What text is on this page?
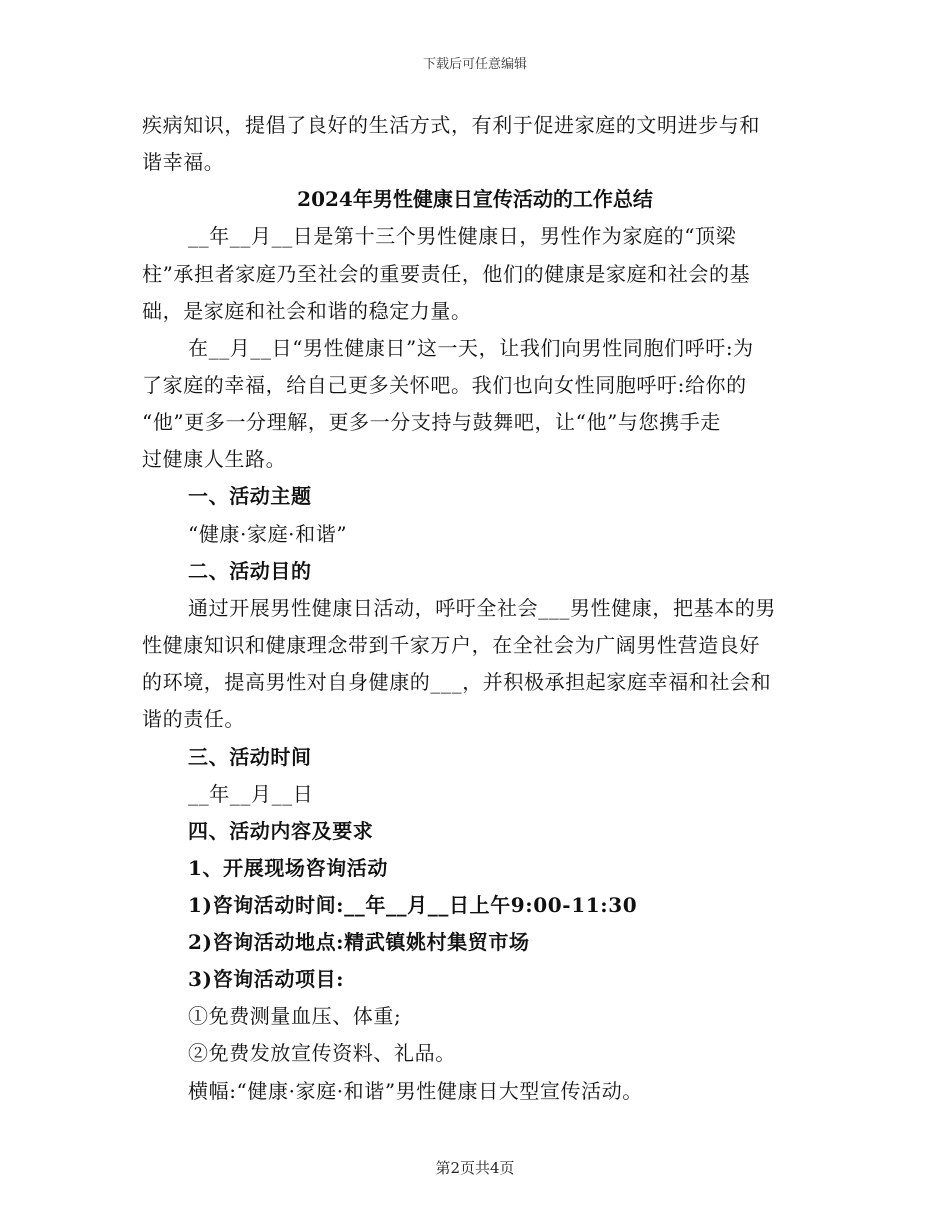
下载后可任意编辑
2024年男性健康日宣传活动的工作总结
疾病知识，提倡了良好的生活方式，有利于促进家庭的文明进步与和
谐幸福。
__年__月__日是第十三个男性健康日，男性作为家庭的“顶梁
柱”承担者家庭乃至社会的重要责任，他们的健康是家庭和社会的基
础，是家庭和社会和谐的稳定力量。
在__月__日“男性健康日”这一天，让我们向男性同胞们呼吁:为
了家庭的幸福，给自己更多关怀吧。我们也向女性同胞呼吁:给你的
“他”更多一分理解，更多一分支持与鼓舞吧，让“他”与您携手走
过健康人生路。
一、活动主题
“健康·家庭·和谐”
二、活动目的
通过开展男性健康日活动，呼吁全社会___男性健康，把基本的男
性健康知识和健康理念带到千家万户，在全社会为广阔男性营造良好
的环境，提高男性对自身健康的___，并积极承担起家庭幸福和社会和
谐的责任。
三、活动时间
__年__月__日
四、活动内容及要求
1、开展现场咨询活动
1)咨询活动时间:__年__月__日上午9:00-11:30
2)咨询活动地点:精武镇姚村集贸市场
3)咨询活动项目:
①免费测量血压、体重;
②免费发放宣传资料、礼品。
横幅:“健康·家庭·和谐”男性健康日大型宣传活动。
第2页共4页
